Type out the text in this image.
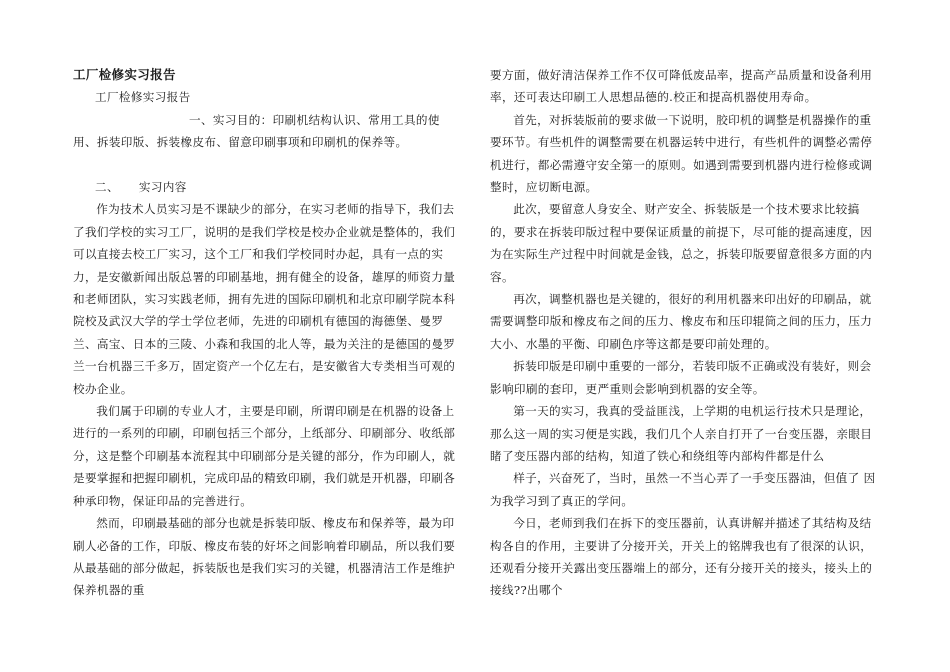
工厂检修实习报告

工厂检修实习报告

一、实习目的：印刷机结构认识、常用工具的使用、拆装印版、拆装橡皮布、留意印刷事项和印刷机的保养等。

二、 实习内容

作为技术人员实习是不课缺少的部分，在实习老师的指导下，我们去了我们学校的实习工厂，说明的是我们学校是校办企业就是整体的，我们可以直接去校工厂实习，这个工厂和我们学校同时办起，具有一点的实力，是安徽新闻出版总署的印刷基地，拥有健全的设备，雄厚的师资力量和老师团队，实习实践老师，拥有先进的国际印刷机和北京印刷学院本科院校及武汉大学的学士学位老师，先进的印刷机有德国的海德堡、曼罗兰、高宝、日本的三陵、小森和我国的北人等，最为关注的是德国的曼罗兰一台机器三千多万，固定资产一个亿左右，是安徽省大专类相当可观的校办企业。

我们属于印刷的专业人才，主要是印刷，所谓印刷是在机器的设备上进行的一系列的印刷，印刷包括三个部分，上纸部分、印刷部分、收纸部分，这是整个印刷基本流程其中印刷部分是关键的部分，作为印刷人，就是要掌握和把握印刷机，完成印品的精致印刷，我们就是开机器，印刷各种承印物，保证印品的完善进行。

然而，印刷最基础的部分也就是拆装印版、橡皮布和保养等，最为印刷人必备的工作，印版、橡皮布装的好坏之间影响着印刷品，所以我们要从最基础的部分做起，拆装版也是我们实习的关键，机器清洁工作是维护保养机器的重

要方面，做好清洁保养工作不仅可降低废品率，提高产品质量和设备利用率，还可表达印刷工人思想品德的.校正和提高机器使用寿命。

首先，对拆装版前的要求做一下说明，胶印机的调整是机器操作的重要环节。有些机件的调整需要在机器运转中进行，有些机件的调整必需停机进行，都必需遵守安全第一的原则。如遇到需要到机器内进行检修或调整时，应切断电源。

此次，要留意人身安全、财产安全、拆装版是一个技术要求比较搞的，要求在拆装印版过程中要保证质量的前提下，尽可能的提高速度，因为在实际生产过程中时间就是金钱，总之，拆装印版要留意很多方面的内容。

再次，调整机器也是关键的，很好的利用机器来印出好的印刷品，就需要调整印版和橡皮布之间的压力、橡皮布和压印辊筒之间的压力，压力大小、水墨的平衡、印刷色序等这都是要印前处理的。

拆装印版是印刷中重要的一部分，若装印版不正确或没有装好，则会影响印刷的套印，更严重则会影响到机器的安全等。

第一天的实习，我真的受益匪浅，上学期的电机运行技术只是理论，那么这一周的实习便是实践，我们几个人亲自打开了一台变压器，亲眼目睹了变压器内部的结构，知道了铁心和绕组等内部构件都是什么

样子，兴奋死了，当时，虽然一不当心弄了一手变压器油，但值了 因为我学习到了真正的学问。

今日，老师到我们在拆下的变压器前，认真讲解并描述了其结构及结构各自的作用，主要讲了分接开关，开关上的铭牌我也有了很深的认识，还观看分接开关露出变压器端上的部分，还有分接开关的接头，接头上的接线??出哪个
